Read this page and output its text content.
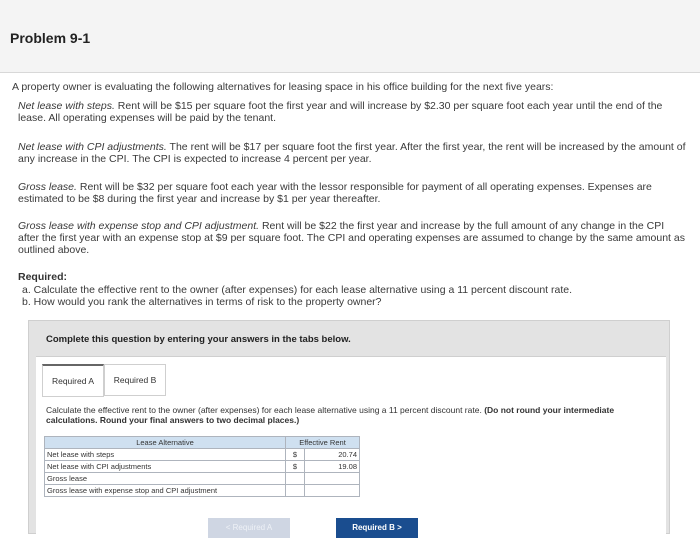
Problem 9-1
A property owner is evaluating the following alternatives for leasing space in his office building for the next five years:
Net lease with steps. Rent will be $15 per square foot the first year and will increase by $2.30 per square foot each year until the end of the lease. All operating expenses will be paid by the tenant.
Net lease with CPI adjustments. The rent will be $17 per square foot the first year. After the first year, the rent will be increased by the amount of any increase in the CPI. The CPI is expected to increase 4 percent per year.
Gross lease. Rent will be $32 per square foot each year with the lessor responsible for payment of all operating expenses. Expenses are estimated to be $8 during the first year and increase by $1 per year thereafter.
Gross lease with expense stop and CPI adjustment. Rent will be $22 the first year and increase by the full amount of any change in the CPI after the first year with an expense stop at $9 per square foot. The CPI and operating expenses are assumed to change by the same amount as outlined above.
Required:
a. Calculate the effective rent to the owner (after expenses) for each lease alternative using a 11 percent discount rate.
b. How would you rank the alternatives in terms of risk to the property owner?
Complete this question by entering your answers in the tabs below.
Required A	Required B
Calculate the effective rent to the owner (after expenses) for each lease alternative using a 11 percent discount rate. (Do not round your intermediate calculations. Round your final answers to two decimal places.)
Lease Alternative	Effective Rent	
Net lease with steps	$	20.74
Net lease with CPI adjustments	$	19.08
Gross lease		
Gross lease with expense stop and CPI adjustment		
< Required A	Required B >
